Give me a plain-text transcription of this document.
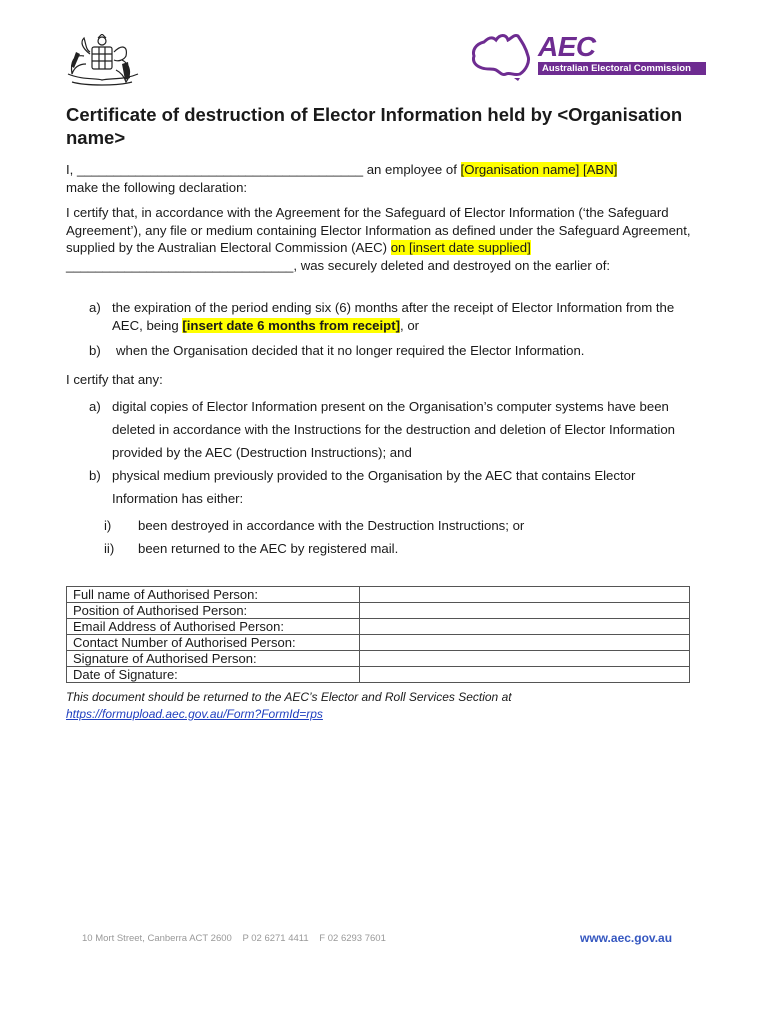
AEC
Australian Electoral Commission
Certificate of destruction of Elector Information held by <Organisation name>
I, _______________________________________ an employee of [Organisation name] [ABN]
make the following declaration:
I certify that, in accordance with the Agreement for the Safeguard of Elector Information (‘the Safeguard Agreement’), any file or medium containing Elector Information as defined under the Safeguard Agreement, supplied by the Australian Electoral Commission (AEC) on [insert date supplied] _______________________________, was securely deleted and destroyed on the earlier of:
a) the expiration of the period ending six (6) months after the receipt of Elector Information from the AEC, being [insert date 6 months from receipt], or
b) when the Organisation decided that it no longer required the Elector Information.
I certify that any:
a) digital copies of Elector Information present on the Organisation’s computer systems have been deleted in accordance with the Instructions for the destruction and deletion of Elector Information provided by the AEC (Destruction Instructions); and
b) physical medium previously provided to the Organisation by the AEC that contains Elector Information has either:
i) been destroyed in accordance with the Destruction Instructions; or
ii) been returned to the AEC by registered mail.
Full name of Authorised Person:	
Position of Authorised Person:	
Email Address of Authorised Person:	
Contact Number of Authorised Person:	
Signature of Authorised Person:	
Date of Signature:	
This document should be returned to the AEC’s Elector and Roll Services Section at
https://formupload.aec.gov.au/Form?FormId=rps
10 Mort Street, Canberra ACT 2600 P 02 6271 4411 F 02 6293 7601	www.aec.gov.au
